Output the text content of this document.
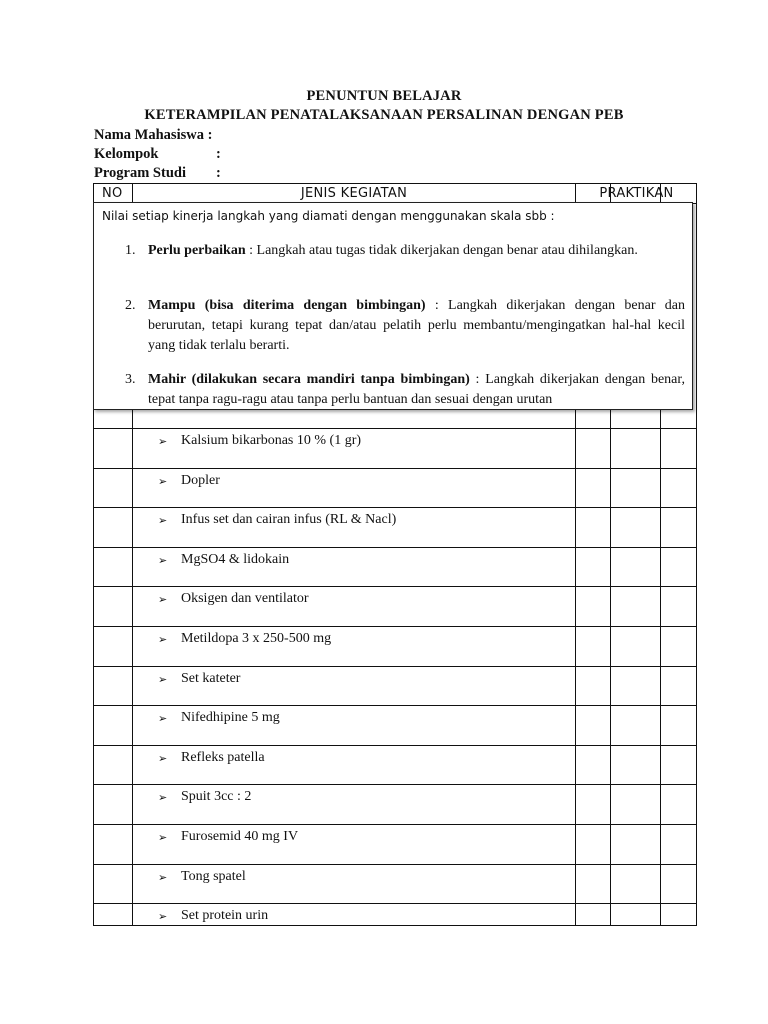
PENUNTUN BELAJAR
KETERAMPILAN PENATALAKSANAAN PERSALINAN DENGAN PEB
Nama Mahasiswa :
Kelompok	:
Program Studi :
NO	JENIS KEGIATAN	PRAKTIKAN
➢ Kalsium bikarbonas 10 % (1 gr)
➢ Dopler
➢ Infus set dan cairan infus (RL & Nacl)
➢ MgSO4 & lidokain
➢ Oksigen dan ventilator
➢ Metildopa 3 x 250-500 mg
➢ Set kateter
➢ Nifedhipine 5 mg
➢ Refleks patella
➢ Spuit 3cc : 2
➢ Furosemid 40 mg IV
➢ Tong spatel
➢ Set protein urin
Nilai setiap kinerja langkah yang diamati dengan menggunakan skala sbb :
1. Perlu perbaikan : Langkah atau tugas tidak dikerjakan dengan benar atau dihilangkan.
2. Mampu (bisa diterima dengan bimbingan) : Langkah dikerjakan dengan benar dan berurutan, tetapi kurang tepat dan/atau pelatih perlu membantu/mengingatkan hal-hal kecil yang tidak terlalu berarti.
3. Mahir (dilakukan secara mandiri tanpa bimbingan) : Langkah dikerjakan dengan benar, tepat tanpa ragu-ragu atau tanpa perlu bantuan dan sesuai dengan urutan
